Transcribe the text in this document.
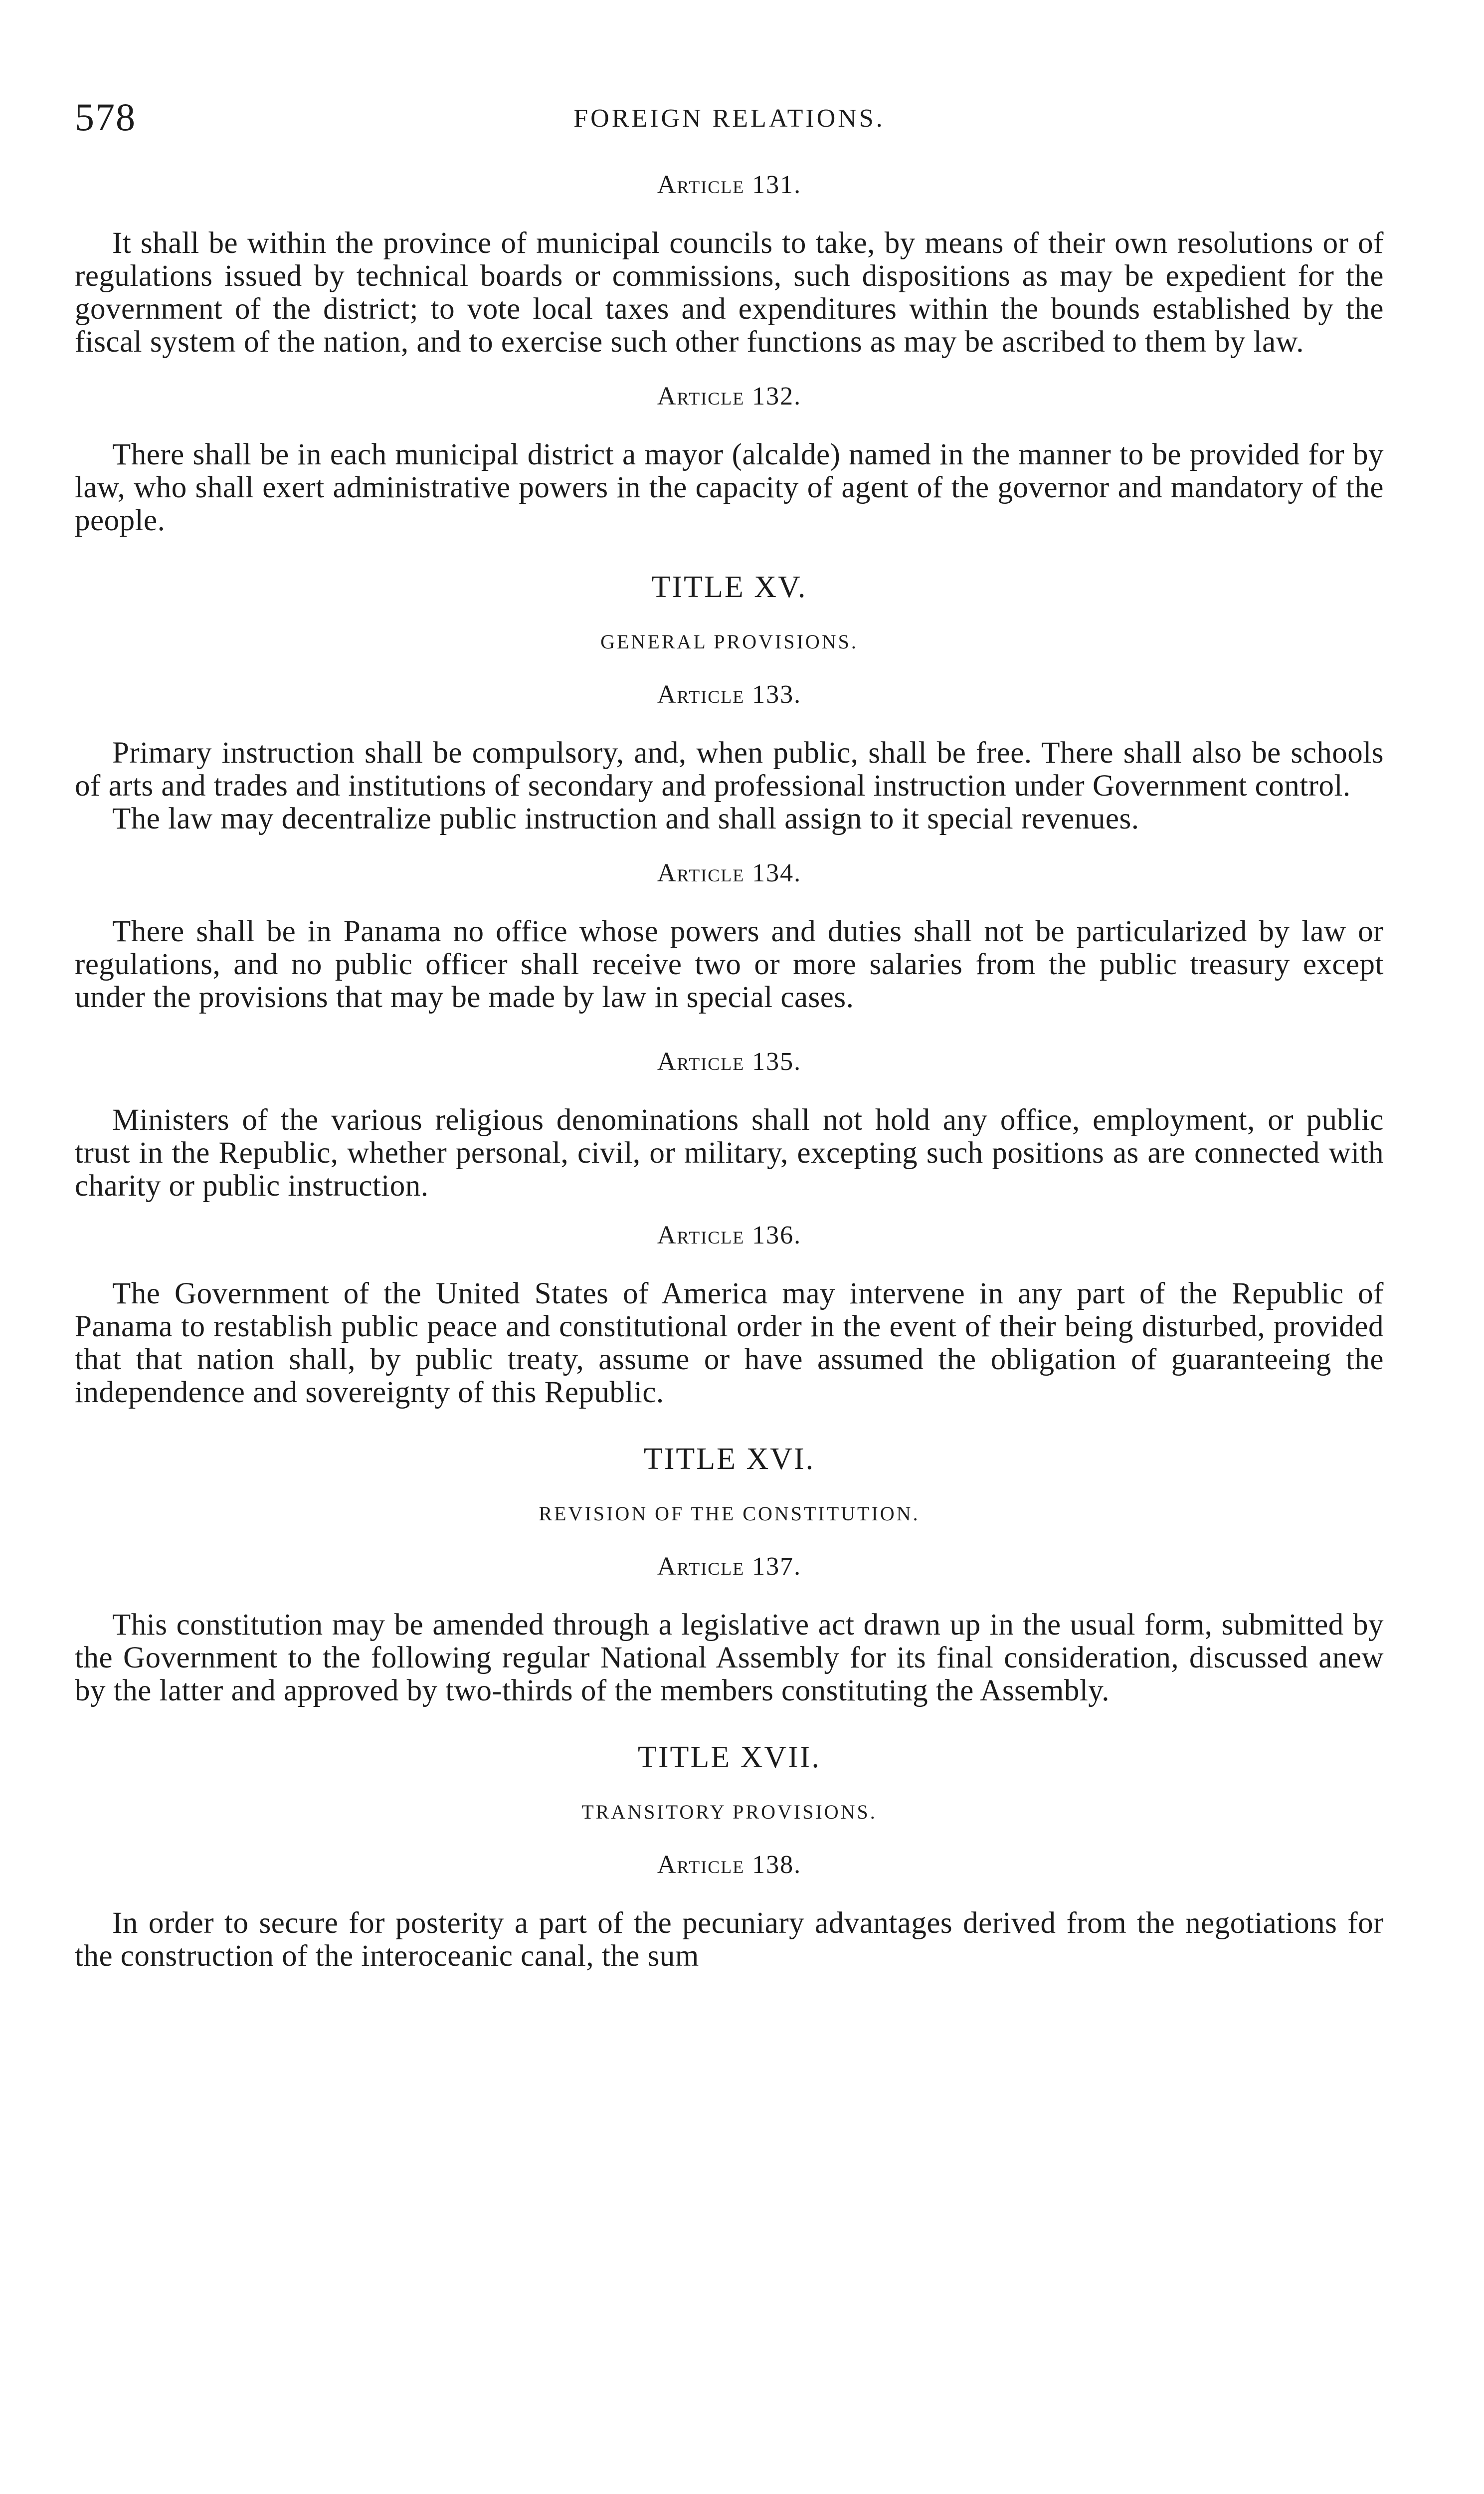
578	FOREIGN RELATIONS.
Article 131.

It shall be within the province of municipal councils to take, by means of their own resolutions or of regulations issued by technical boards or commissions, such dispositions as may be expedient for the government of the district; to vote local taxes and expenditures within the bounds established by the fiscal system of the nation, and to exercise such other functions as may be ascribed to them by law.

Article 132.

There shall be in each municipal district a mayor (alcalde) named in the manner to be provided for by law, who shall exert administrative powers in the capacity of agent of the governor and mandatory of the people.

TITLE XV.
GENERAL PROVISIONS.
Article 133.

Primary instruction shall be compulsory, and, when public, shall be free. There shall also be schools of arts and trades and institutions of secondary and professional instruction under Government control.

The law may decentralize public instruction and shall assign to it special revenues.

Article 134.

There shall be in Panama no office whose powers and duties shall not be particularized by law or regulations, and no public officer shall receive two or more salaries from the public treasury except under the provisions that may be made by law in special cases.

Article 135.

Ministers of the various religious denominations shall not hold any office, employment, or public trust in the Republic, whether personal, civil, or military, excepting such positions as are connected with charity or public instruction.

Article 136.

The Government of the United States of America may intervene in any part of the Republic of Panama to restablish public peace and constitutional order in the event of their being disturbed, provided that that nation shall, by public treaty, assume or have assumed the obligation of guaranteeing the independence and sovereignty of this Republic.

TITLE XVI.
REVISION OF THE CONSTITUTION.
Article 137.

This constitution may be amended through a legislative act drawn up in the usual form, submitted by the Government to the following regular National Assembly for its final consideration, discussed anew by the latter and approved by two-thirds of the members constituting the Assembly.

TITLE XVII.
TRANSITORY PROVISIONS.
Article 138.

In order to secure for posterity a part of the pecuniary advantages derived from the negotiations for the construction of the interoceanic canal, the sum
